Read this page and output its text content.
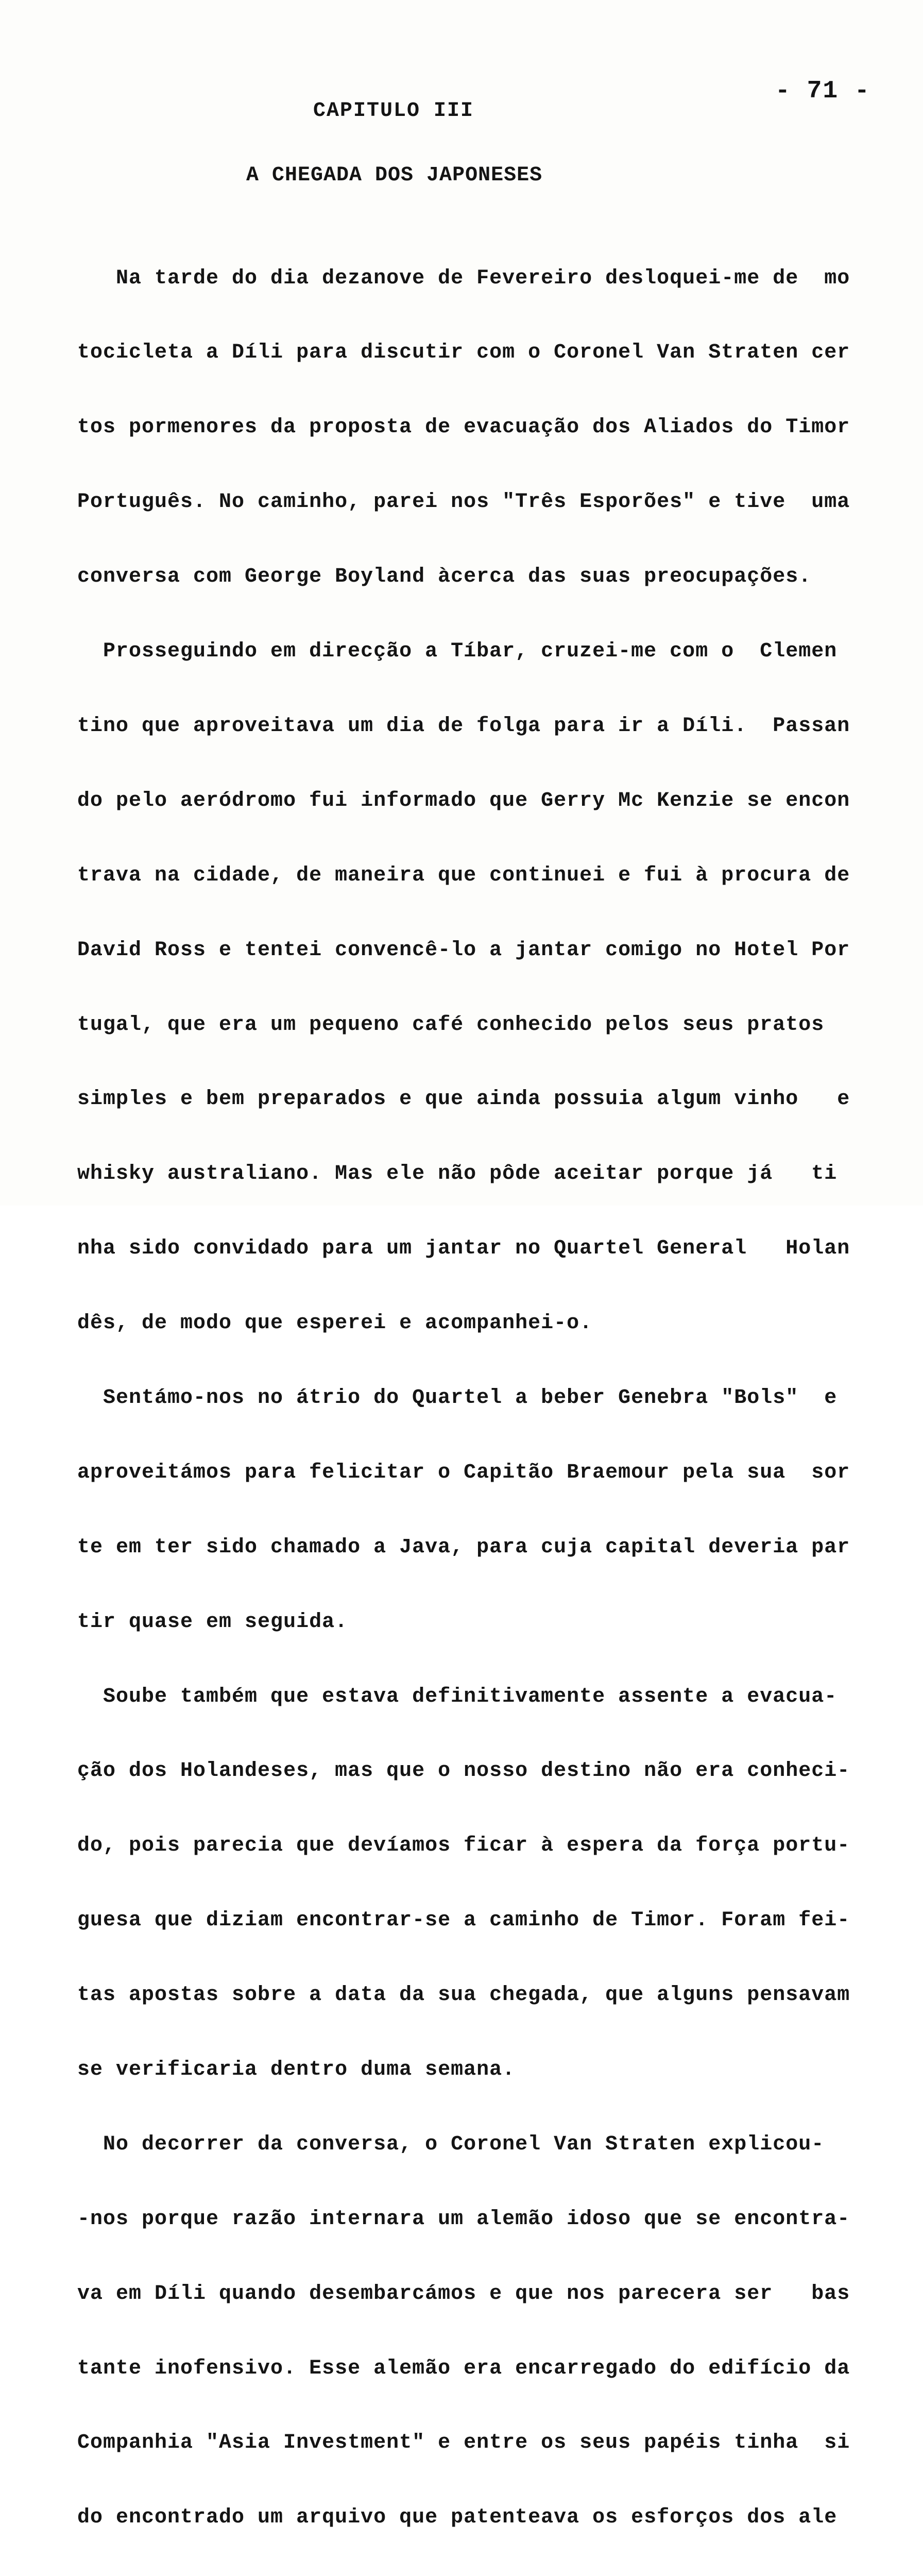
- 71 -
CAPITULO III
A CHEGADA DOS JAPONESES

Na tarde do dia dezanove de Fevereiro desloquei-me de  mo

tocicleta a Díli para discutir com o Coronel Van Straten cer

tos pormenores da proposta de evacuação dos Aliados do Timor

Português. No caminho, parei nos "Três Esporões" e tive  uma

conversa com George Boyland àcerca das suas preocupações.

Prosseguindo em direcção a Tíbar, cruzei-me com o  Clemen

tino que aproveitava um dia de folga para ir a Díli.  Passan

do pelo aeródromo fui informado que Gerry Mc Kenzie se encon

trava na cidade, de maneira que continuei e fui à procura de

David Ross e tentei convencê-lo a jantar comigo no Hotel Por

tugal, que era um pequeno café conhecido pelos seus pratos

simples e bem preparados e que ainda possuia algum vinho   e

whisky australiano. Mas ele não pôde aceitar porque já   ti

nha sido convidado para um jantar no Quartel General   Holan

dês, de modo que esperei e acompanhei-o.

Sentámo-nos no átrio do Quartel a beber Genebra "Bols"  e

aproveitámos para felicitar o Capitão Braemour pela sua  sor

te em ter sido chamado a Java, para cuja capital deveria par

tir quase em seguida.

Soube também que estava definitivamente assente a evacua-

ção dos Holandeses, mas que o nosso destino não era conheci-

do, pois parecia que devíamos ficar à espera da força portu-

guesa que diziam encontrar-se a caminho de Timor. Foram fei-

tas apostas sobre a data da sua chegada, que alguns pensavam

se verificaria dentro duma semana.

No decorrer da conversa, o Coronel Van Straten explicou-

-nos porque razão internara um alemão idoso que se encontra-

va em Díli quando desembarcámos e que nos parecera ser   bas

tante inofensivo. Esse alemão era encarregado do edifício da

Companhia "Asia Investment" e entre os seus papéis tinha  si

do encontrado um arquivo que patenteava os esforços dos ale
